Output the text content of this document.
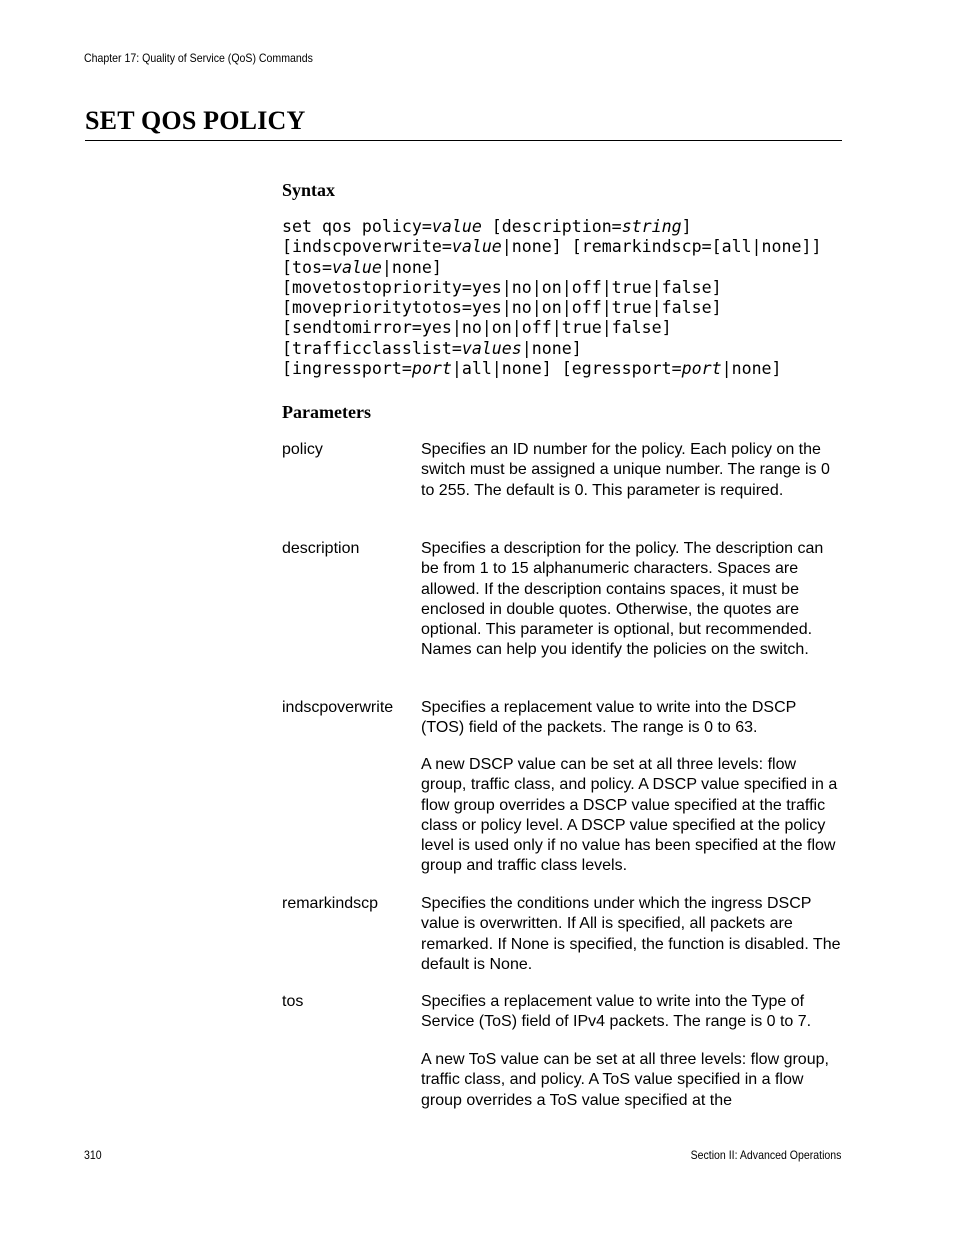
Chapter 17: Quality of Service (QoS) Commands
SET QOS POLICY
Syntax
set qos policy=value [description=string]
[indscpoverwrite=value|none] [remarkindscp=[all|none]]
[tos=value|none]
[movetostopriority=yes|no|on|off|true|false]
[moveprioritytotos=yes|no|on|off|true|false]
[sendtomirror=yes|no|on|off|true|false]
[trafficclasslist=values|none]
[ingressport=port|all|none] [egressport=port|none]
Parameters
policy	Specifies an ID number for the policy. Each policy on the switch must be assigned a unique number. The range is 0 to 255. The default is 0. This parameter is required.
description	Specifies a description for the policy. The description can be from 1 to 15 alphanumeric characters. Spaces are allowed. If the description contains spaces, it must be enclosed in double quotes. Otherwise, the quotes are optional. This parameter is optional, but recommended. Names can help you identify the policies on the switch.
indscpoverwrite Specifies a replacement value to write into the DSCP (TOS) field of the packets. The range is 0 to 63.
A new DSCP value can be set at all three levels: flow group, traffic class, and policy. A DSCP value specified in a flow group overrides a DSCP value specified at the traffic class or policy level. A DSCP value specified at the policy level is used only if no value has been specified at the flow group and traffic class levels.
remarkindscp	Specifies the conditions under which the ingress DSCP value is overwritten. If All is specified, all packets are remarked. If None is specified, the function is disabled. The default is None.
tos	Specifies a replacement value to write into the Type of Service (ToS) field of IPv4 packets. The range is 0 to 7.
A new ToS value can be set at all three levels: flow group, traffic class, and policy. A ToS value specified in a flow group overrides a ToS value specified at the
310	Section II: Advanced Operations
